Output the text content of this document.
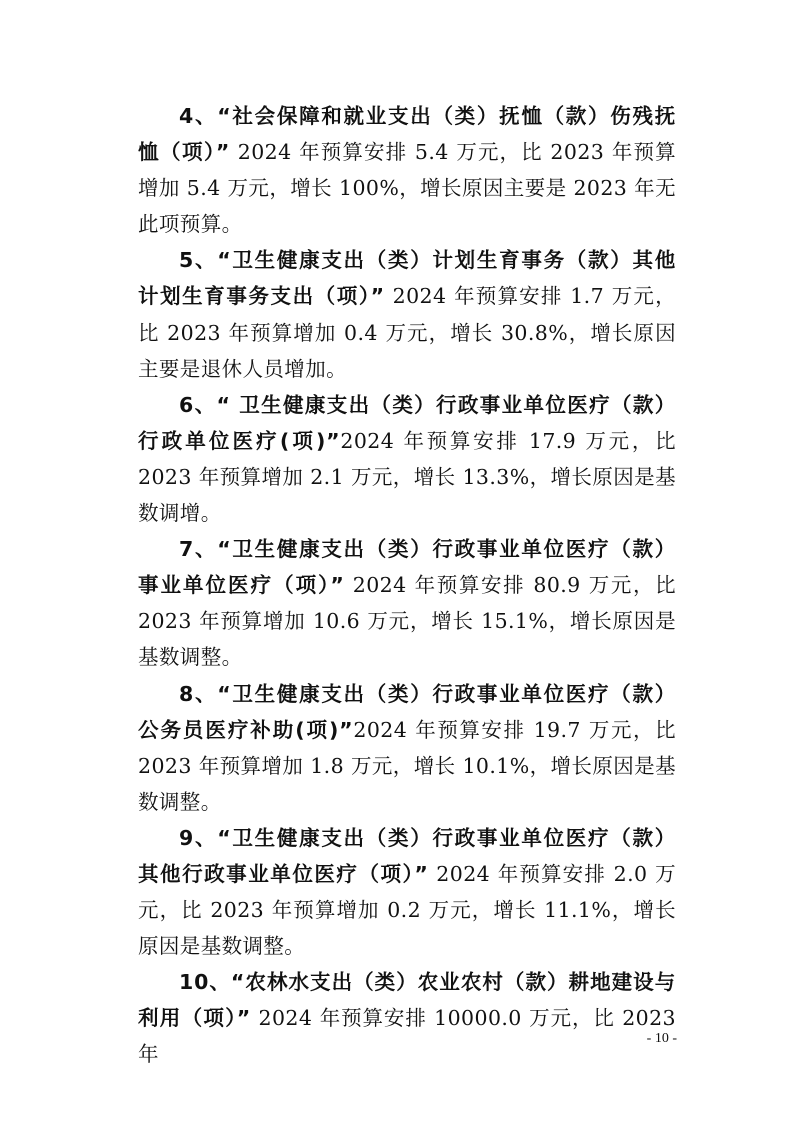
4、“社会保障和就业支出（类）抚恤（款）伤残抚恤（项）” 2024 年预算安排 5.4 万元，比 2023 年预算增加 5.4 万元，增长 100%，增长原因主要是 2023 年无此项预算。

5、“卫生健康支出（类）计划生育事务（款）其他计划生育事务支出（项）” 2024 年预算安排 1.7 万元，比 2023 年预算增加 0.4 万元，增长 30.8%，增长原因主要是退休人员增加。

6、“ 卫生健康支出（类）行政事业单位医疗（款）行政单位医疗(项)”2024 年预算安排 17.9 万元，比 2023 年预算增加 2.1 万元，增长 13.3%，增长原因是基数调增。

7、“卫生健康支出（类）行政事业单位医疗（款）事业单位医疗（项）” 2024 年预算安排 80.9 万元，比 2023 年预算增加 10.6 万元，增长 15.1%，增长原因是基数调整。

8、“卫生健康支出（类）行政事业单位医疗（款）公务员医疗补助(项)”2024 年预算安排 19.7 万元，比 2023 年预算增加 1.8 万元，增长 10.1%，增长原因是基数调整。

9、“卫生健康支出（类）行政事业单位医疗（款）其他行政事业单位医疗（项）” 2024 年预算安排 2.0 万元，比 2023 年预算增加 0.2 万元，增长 11.1%，增长原因是基数调整。

10、“农林水支出（类）农业农村（款）耕地建设与利用（项）” 2024 年预算安排 10000.0 万元，比 2023 年

- 10 -
